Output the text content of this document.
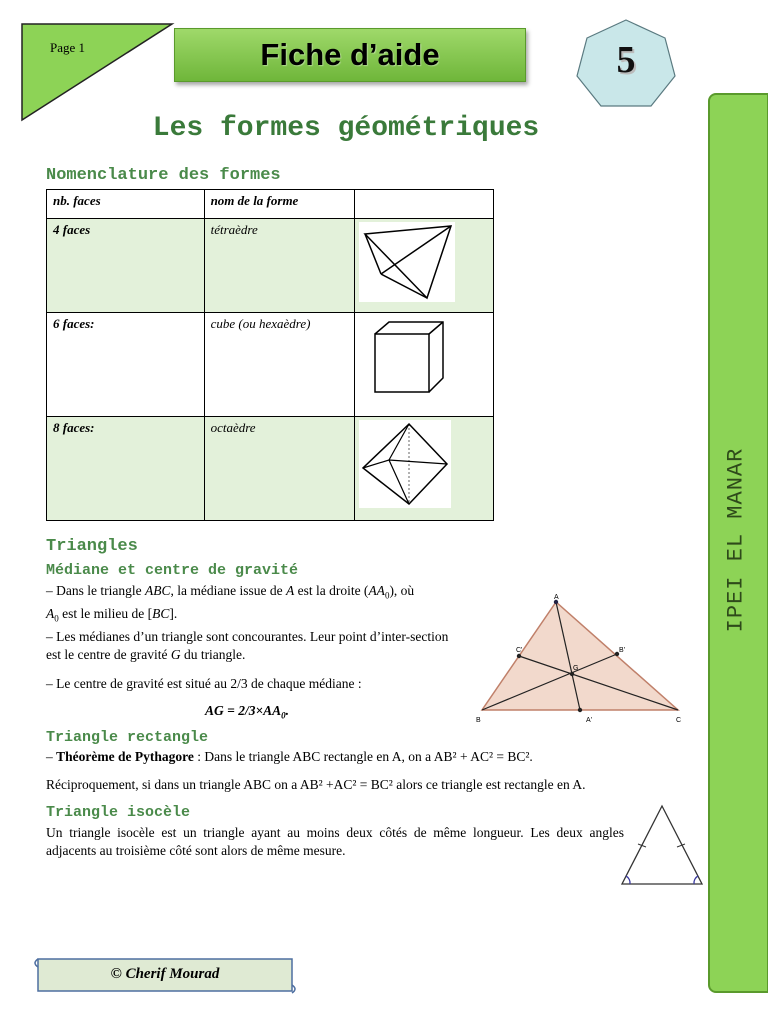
Page 1	Fiche d’aide	5
IPEI EL MANAR
Les formes géométriques
Nomenclature des formes
nb. faces	nom de la forme	
4 faces	tétraèdre	
6 faces:	cube (ou hexaèdre)	
8 faces:	octaèdre	
Triangles
Médiane et centre de gravité
– Dans le triangle ABC, la médiane issue de A est la droite $(AA_0)$, où
$A_0$ est le milieu de [BC].
– Les médianes d’un triangle sont concourantes. Leur point d’inter-section est le centre de gravité G du triangle.
– Le centre de gravité est situé au 2/3 de chaque médiane :
AG = $2/3\times AA_0$.
A
B	C
A'
B'
C'
G
Triangle rectangle
– Théorème de Pythagore : Dans le triangle ABC rectangle en A, on a AB² + AC² = BC².
Réciproquement, si dans un triangle ABC on a AB² +AC² = BC² alors ce triangle est rectangle en A.
Triangle isocèle
Un triangle isocèle est un triangle ayant au moins deux côtés de même longueur. Les deux angles adjacents au troisième côté sont alors de même mesure.
© Cherif Mourad
